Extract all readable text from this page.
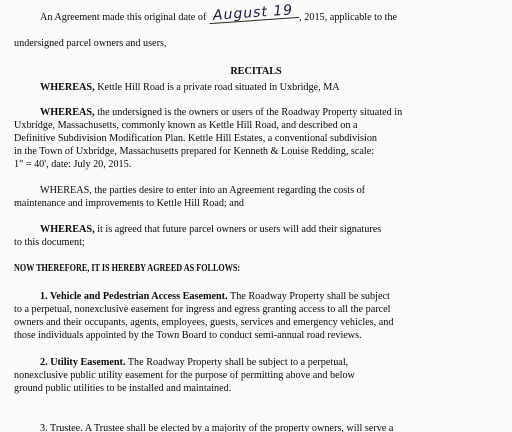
An Agreement made this original date of August 19 , 2015, applicable to the
undersigned parcel owners and users,
RECITALS
WHEREAS, Kettle Hill Road is a private road situated in Uxbridge, MA
WHEREAS, the undersigned is the owners or users of the Roadway Property situated in
Uxbridge, Massachusetts, commonly known as Kettle Hill Road, and described on a
Definitive Subdivision Modification Plan. Kettle Hill Estates, a conventional subdivision
in the Town of Uxbridge, Massachusetts prepared for Kenneth & Louise Redding, scale:
1" = 40', date: July 20, 2015.
WHEREAS, the parties desire to enter into an Agreement regarding the costs of
maintenance and improvements to Kettle Hill Road; and
WHEREAS, it is agreed that future parcel owners or users will add their signatures
to this document;
NOW THEREFORE, IT IS HEREBY AGREED AS FOLLOWS:
1. Vehicle and Pedestrian Access Easement. The Roadway Property shall be subject
to a perpetual, nonexclusive easement for ingress and egress granting access to all the parcel
owners and their occupants, agents, employees, guests, services and emergency vehicles, and
those individuals appointed by the Town Board to conduct semi-annual road reviews.
2. Utility Easement. The Roadway Property shall be subject to a perpetual,
nonexclusive public utility easement for the purpose of permitting above and below
ground public utilities to be installed and maintained.
3. Trustee. A Trustee shall be elected by a majority of the property owners, will serve a
